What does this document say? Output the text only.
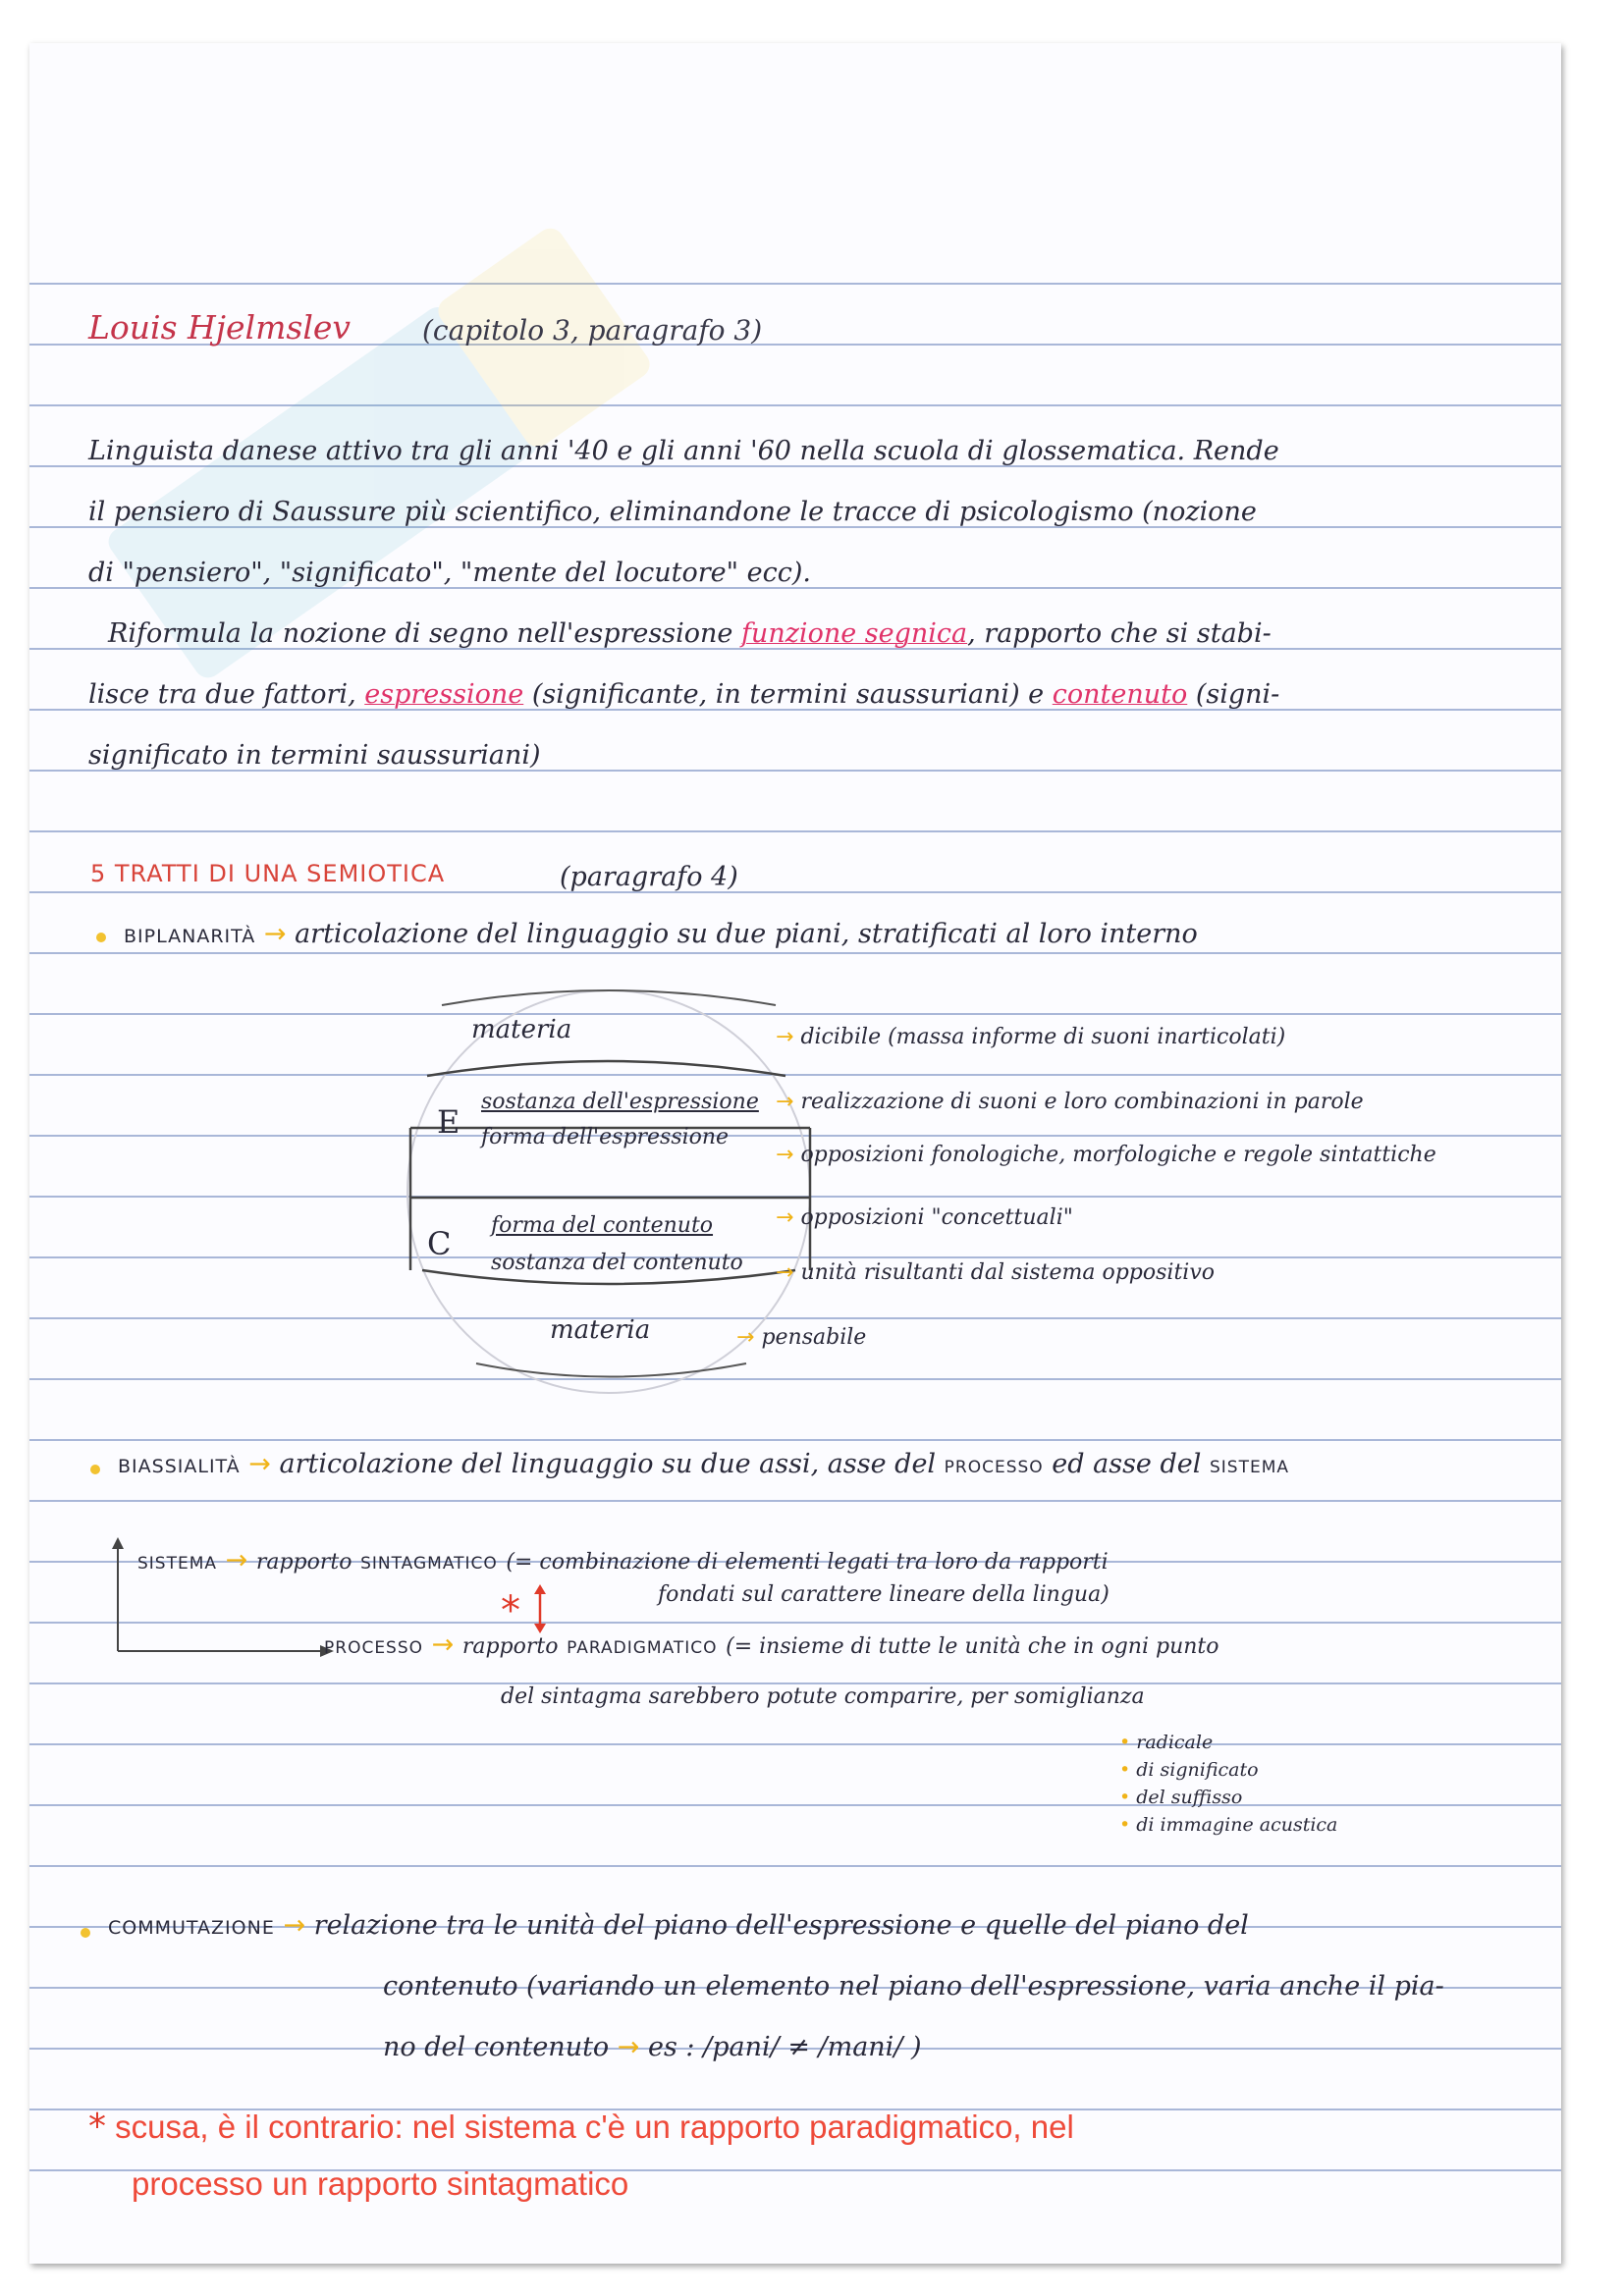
Louis Hjelmslev	(capitolo 3, paragrafo 3)
Linguista danese attivo tra gli anni '40 e gli anni '60 nella scuola di glossematica. Rende
il pensiero di Saussure più scientifico, eliminandone le tracce di psicologismo (nozione
di "pensiero", "significato", "mente del locutore" ecc).
Riformula la nozione di segno nell'espressione funzione segnica, rapporto che si stabi-
lisce tra due fattori, espressione (significante, in termini saussuriani) e contenuto (signi-
significato in termini saussuriani)
5 TRATTI DI UNA SEMIOTICA	(paragrafo 4)
BIPLANARITÀ → articolazione del linguaggio su due piani, stratificati al loro interno
materia
E
sostanza dell'espressione
forma dell'espressione
C forma del contenuto
sostanza del contenuto
materia
→ dicibile (massa informe di suoni inarticolati)
→ realizzazione di suoni e loro combinazioni in parole
→ opposizioni fonologiche, morfologiche e regole sintattiche
→ opposizioni "concettuali"
→ unità risultanti dal sistema oppositivo
→ pensabile
BIASSIALITÀ → articolazione del linguaggio su due assi, asse del PROCESSO ed asse del SISTEMA
SISTEMA → rapporto SINTAGMATICO (= combinazione di elementi legati tra loro da rapporti
fondati sul carattere lineare della lingua)
*
PROCESSO → rapporto PARADIGMATICO (= insieme di tutte le unità che in ogni punto
del sintagma sarebbero potute comparire, per somiglianza
• radicale
• di significato
• del suffisso
• di immagine acustica
COMMUTAZIONE → relazione tra le unità del piano dell'espressione e quelle del piano del
contenuto (variando un elemento nel piano dell'espressione, varia anche il pia-
no del contenuto → es : /pani/ ≠ /mani/ )
* scusa, è il contrario: nel sistema c'è un rapporto paradigmatico, nel
processo un rapporto sintagmatico
